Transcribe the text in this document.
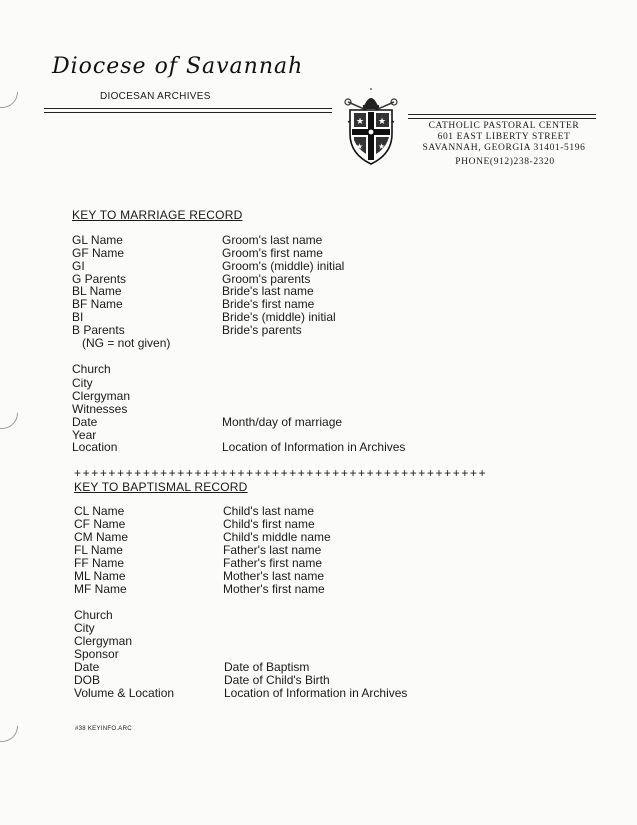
Diocese of Savannah
DIOCESAN ARCHIVES
★ ★
★ ★
CATHOLIC PASTORAL CENTER
601 EAST LIBERTY STREET
SAVANNAH, GEORGIA 31401-5196
PHONE(912)238-2320
KEY TO MARRIAGE RECORD
GL Name	Groom's last name
GF Name	Groom's first name
GI	Groom's (middle) initial
G Parents	Groom's parents
BL Name	Bride's last name
BF Name	Bride's first name
BI	Bride's (middle) initial
B Parents	Bride's parents
(NG = not given)
Church
City
Clergyman
Witnesses
Date	Month/day of marriage
Year
Location	Location of Information in Archives
++++++++++++++++++++++++++++++++++++++++++++++++
KEY TO BAPTISMAL RECORD
CL Name	Child's last name
CF Name	Child's first name
CM Name	Child's middle name
FL Name	Father's last name
FF Name	Father's first name
ML Name	Mother's last name
MF Name	Mother's first name
Church
City
Clergyman
Sponsor
Date	Date of Baptism
DOB	Date of Child's Birth
Volume & Location	Location of Information in Archives
#38 KEYINFO.ARC
